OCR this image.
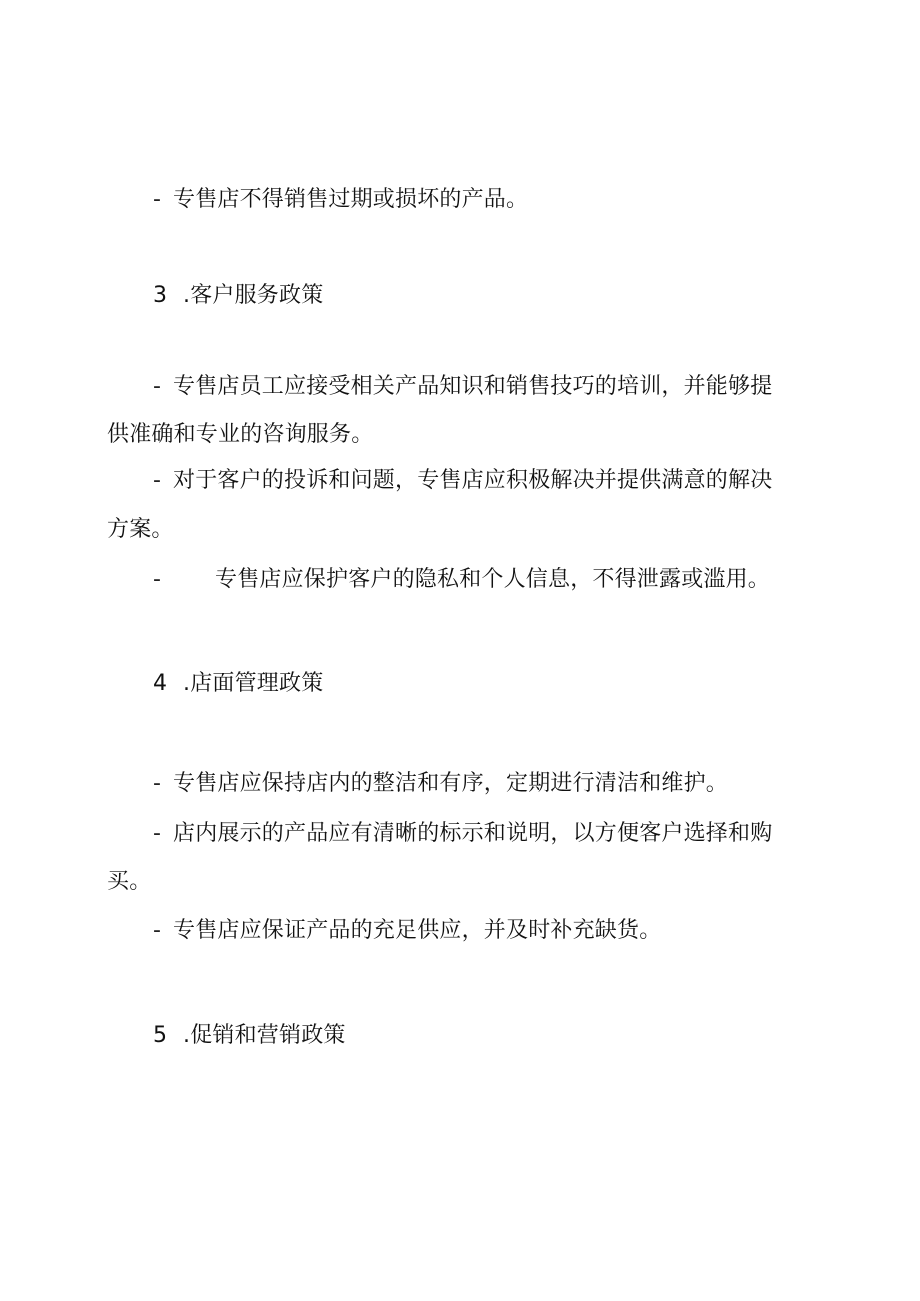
- 专售店不得销售过期或损坏的产品。
3 .客户服务政策
- 专售店员工应接受相关产品知识和销售技巧的培训，并能够提
供准确和专业的咨询服务。
- 对于客户的投诉和问题，专售店应积极解决并提供满意的解决
方案。
- 专售店应保护客户的隐私和个人信息，不得泄露或滥用。
4 .店面管理政策
- 专售店应保持店内的整洁和有序，定期进行清洁和维护。
- 店内展示的产品应有清晰的标示和说明，以方便客户选择和购
买。
- 专售店应保证产品的充足供应，并及时补充缺货。
5 .促销和营销政策
